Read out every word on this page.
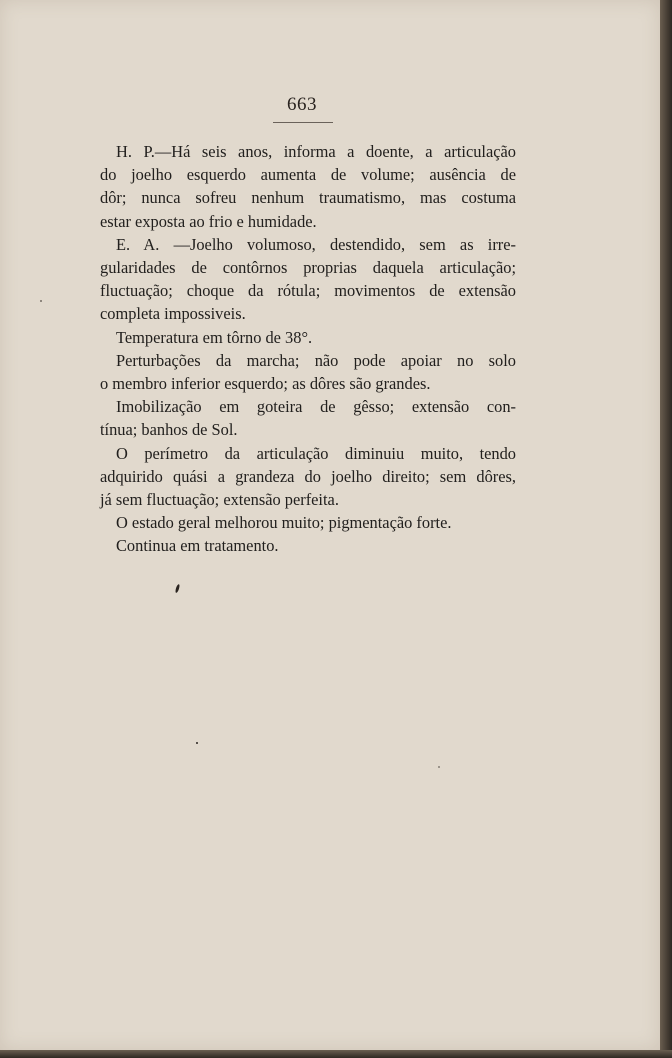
663

H. P.—Há seis anos, informa a doente, a articulação
do joelho esquerdo aumenta de volume; ausência de
dôr; nunca sofreu nenhum traumatismo, mas costuma
estar exposta ao frio e humidade.

E. A. —Joelho volumoso, destendido, sem as irre-
gularidades de contôrnos proprias daquela articulação;
fluctuação; choque da rótula; movimentos de extensão
completa impossiveis.

Temperatura em tôrno de 38°.

Perturbações da marcha; não pode apoiar no solo
o membro inferior esquerdo; as dôres são grandes.

Imobilização em goteira de gêsso; extensão con-
tínua; banhos de Sol.

O perímetro da articulação diminuiu muito, tendo
adquirido quási a grandeza do joelho direito; sem dôres,
já sem fluctuação; extensão perfeita.

O estado geral melhorou muito; pigmentação forte.

Continua em tratamento.
